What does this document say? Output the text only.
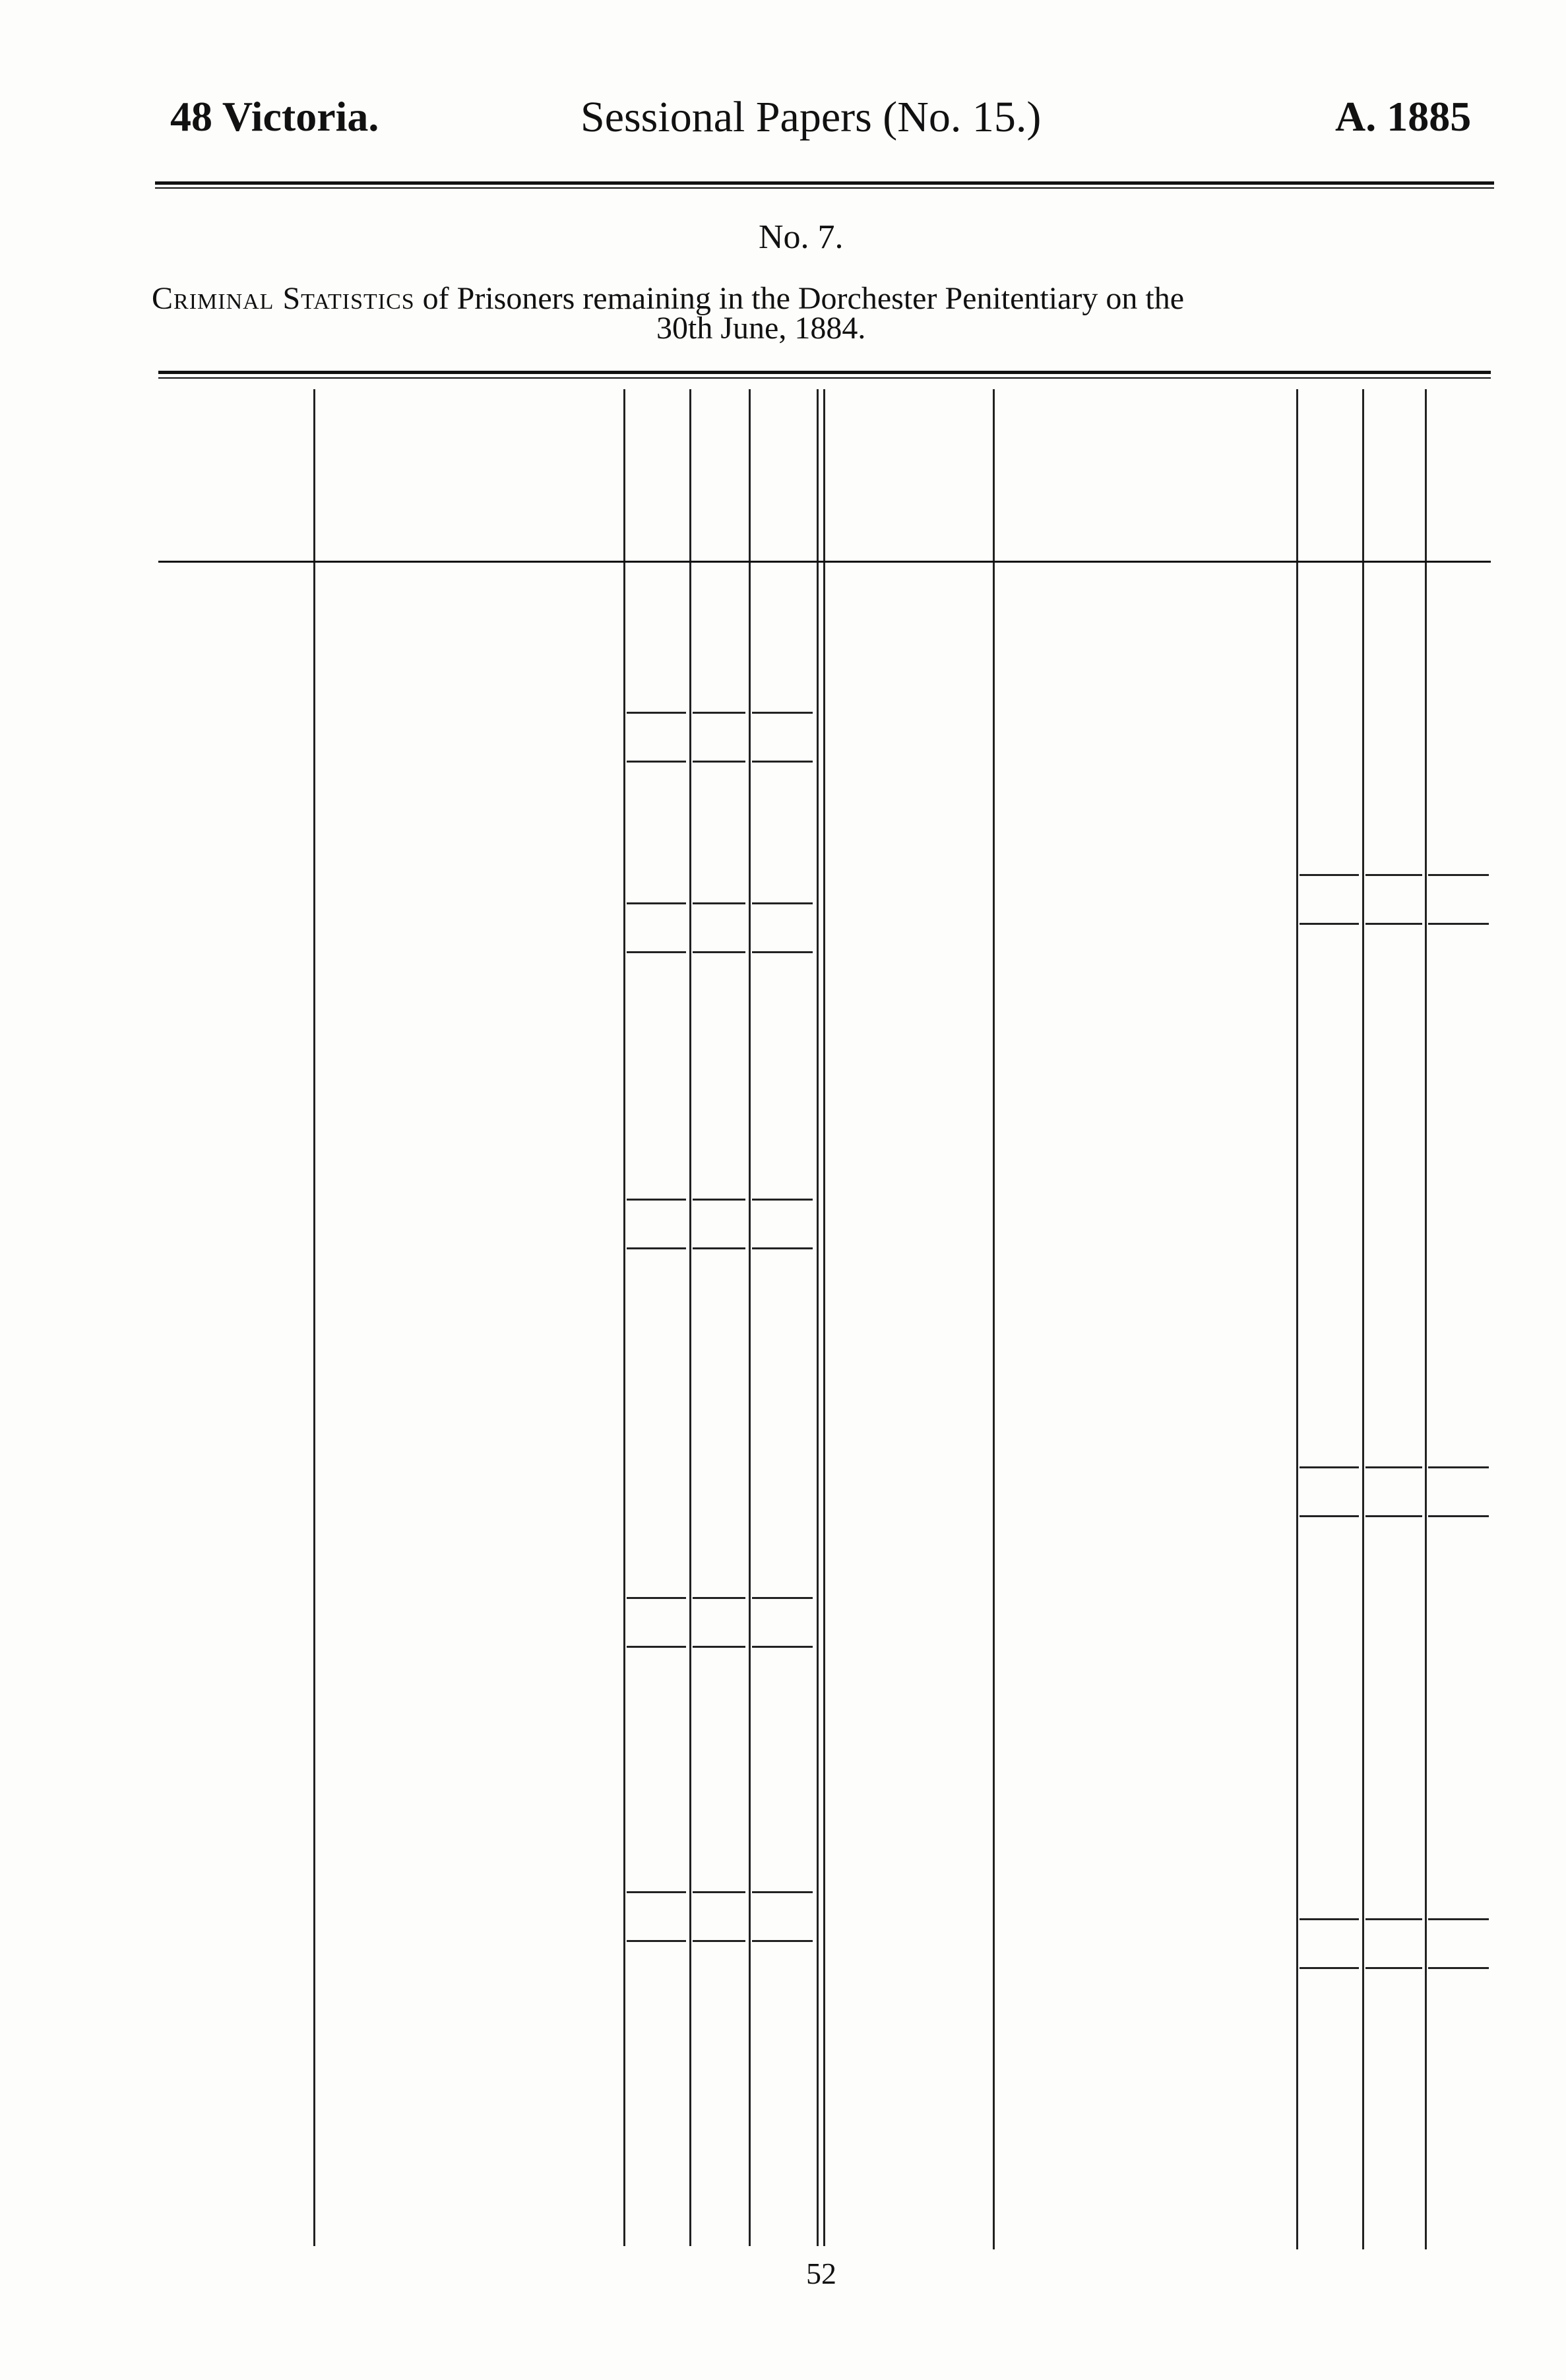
48 Victoria.	Sessional Papers (No. 15.)	A. 1885
No. 7.
Criminal Statistics of Prisoners remaining in the Dorchester Penitentiary on the
30th June, 1884.
52
